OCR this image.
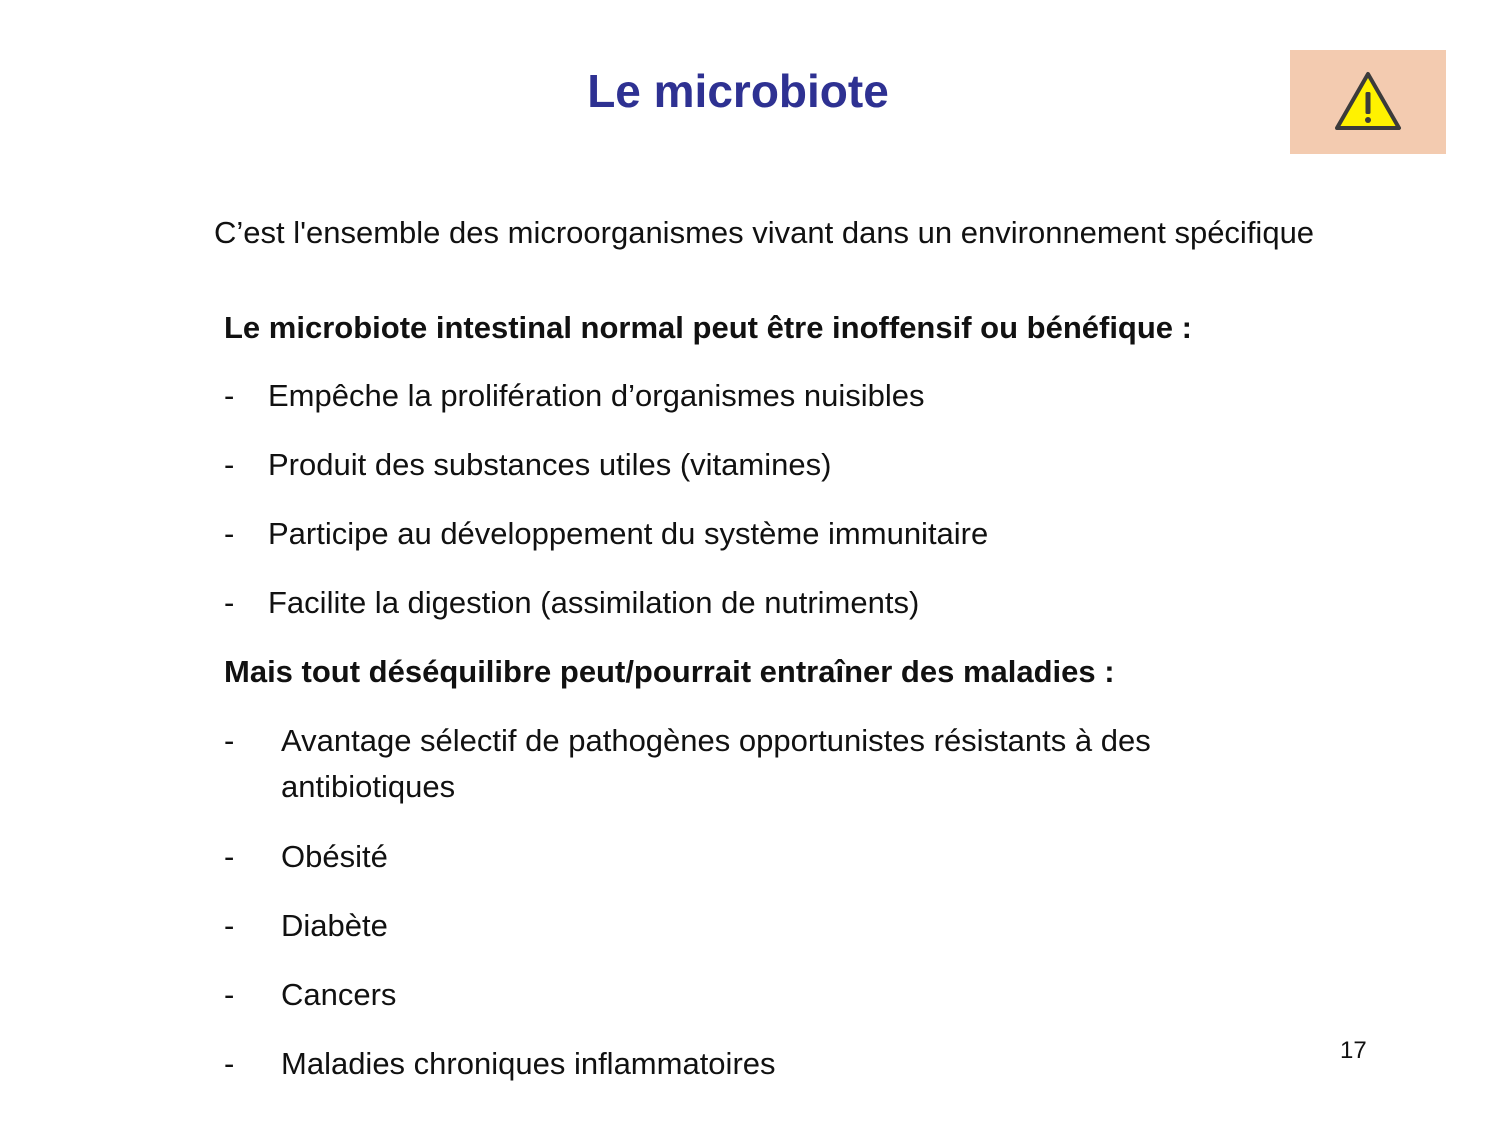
Le microbiote
C’est l'ensemble des microorganismes vivant dans un environnement spécifique
Le microbiote intestinal normal peut être inoffensif ou bénéfique :
- Empêche la prolifération d’organismes nuisibles
- Produit des substances utiles (vitamines)
- Participe au développement du système immunitaire
- Facilite la digestion (assimilation de nutriments)
Mais tout déséquilibre peut/pourrait entraîner des maladies :
- Avantage sélectif de pathogènes opportunistes résistants à des antibiotiques
- Obésité
- Diabète
- Cancers
- Maladies chroniques inflammatoires	17
